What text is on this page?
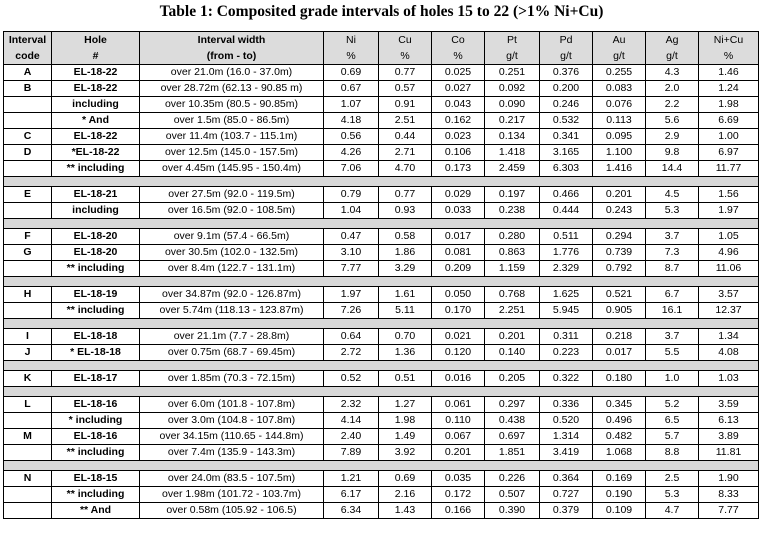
Table 1: Composited grade intervals of holes 15 to 22 (>1% Ni+Cu)
Interval	Hole	Interval width	Ni	Cu	Co	Pt	Pd	Au	Ag	Ni+Cu
code	#	(from - to)	%	%	%	g/t	g/t	g/t	g/t	%
A	EL-18-22	over 21.0m (16.0 - 37.0m)	0.69	0.77	0.025	0.251	0.376	0.255	4.3	1.46
B	EL-18-22	over 28.72m (62.13 - 90.85 m)	0.67	0.57	0.027	0.092	0.200	0.083	2.0	1.24
	including	over 10.35m (80.5 - 90.85m)	1.07	0.91	0.043	0.090	0.246	0.076	2.2	1.98
	* And	over 1.5m (85.0 - 86.5m)	4.18	2.51	0.162	0.217	0.532	0.113	5.6	6.69
C	EL-18-22	over 11.4m (103.7 - 115.1m)	0.56	0.44	0.023	0.134	0.341	0.095	2.9	1.00
D	*EL-18-22	over 12.5m (145.0 - 157.5m)	4.26	2.71	0.106	1.418	3.165	1.100	9.8	6.97
	** including	over 4.45m (145.95 - 150.4m)	7.06	4.70	0.173	2.459	6.303	1.416	14.4	11.77

E	EL-18-21	over 27.5m (92.0 - 119.5m)	0.79	0.77	0.029	0.197	0.466	0.201	4.5	1.56
	including	over 16.5m (92.0 - 108.5m)	1.04	0.93	0.033	0.238	0.444	0.243	5.3	1.97

F	EL-18-20	over 9.1m (57.4 - 66.5m)	0.47	0.58	0.017	0.280	0.511	0.294	3.7	1.05
G	EL-18-20	over 30.5m (102.0 - 132.5m)	3.10	1.86	0.081	0.863	1.776	0.739	7.3	4.96
	** including	over 8.4m (122.7 - 131.1m)	7.77	3.29	0.209	1.159	2.329	0.792	8.7	11.06

H	EL-18-19	over 34.87m (92.0 - 126.87m)	1.97	1.61	0.050	0.768	1.625	0.521	6.7	3.57
	** including	over 5.74m (118.13 - 123.87m)	7.26	5.11	0.170	2.251	5.945	0.905	16.1	12.37

I	EL-18-18	over 21.1m (7.7 - 28.8m)	0.64	0.70	0.021	0.201	0.311	0.218	3.7	1.34
J	* EL-18-18	over 0.75m (68.7 - 69.45m)	2.72	1.36	0.120	0.140	0.223	0.017	5.5	4.08

K	EL-18-17	over 1.85m (70.3 - 72.15m)	0.52	0.51	0.016	0.205	0.322	0.180	1.0	1.03

L	EL-18-16	over 6.0m (101.8 - 107.8m)	2.32	1.27	0.061	0.297	0.336	0.345	5.2	3.59
	* including	over 3.0m (104.8 - 107.8m)	4.14	1.98	0.110	0.438	0.520	0.496	6.5	6.13
M	EL-18-16	over 34.15m (110.65 - 144.8m)	2.40	1.49	0.067	0.697	1.314	0.482	5.7	3.89
	** including	over 7.4m (135.9 - 143.3m)	7.89	3.92	0.201	1.851	3.419	1.068	8.8	11.81

N	EL-18-15	over 24.0m (83.5 - 107.5m)	1.21	0.69	0.035	0.226	0.364	0.169	2.5	1.90
	** including	over 1.98m (101.72 - 103.7m)	6.17	2.16	0.172	0.507	0.727	0.190	5.3	8.33
	** And	over 0.58m (105.92 - 106.5)	6.34	1.43	0.166	0.390	0.379	0.109	4.7	7.77
